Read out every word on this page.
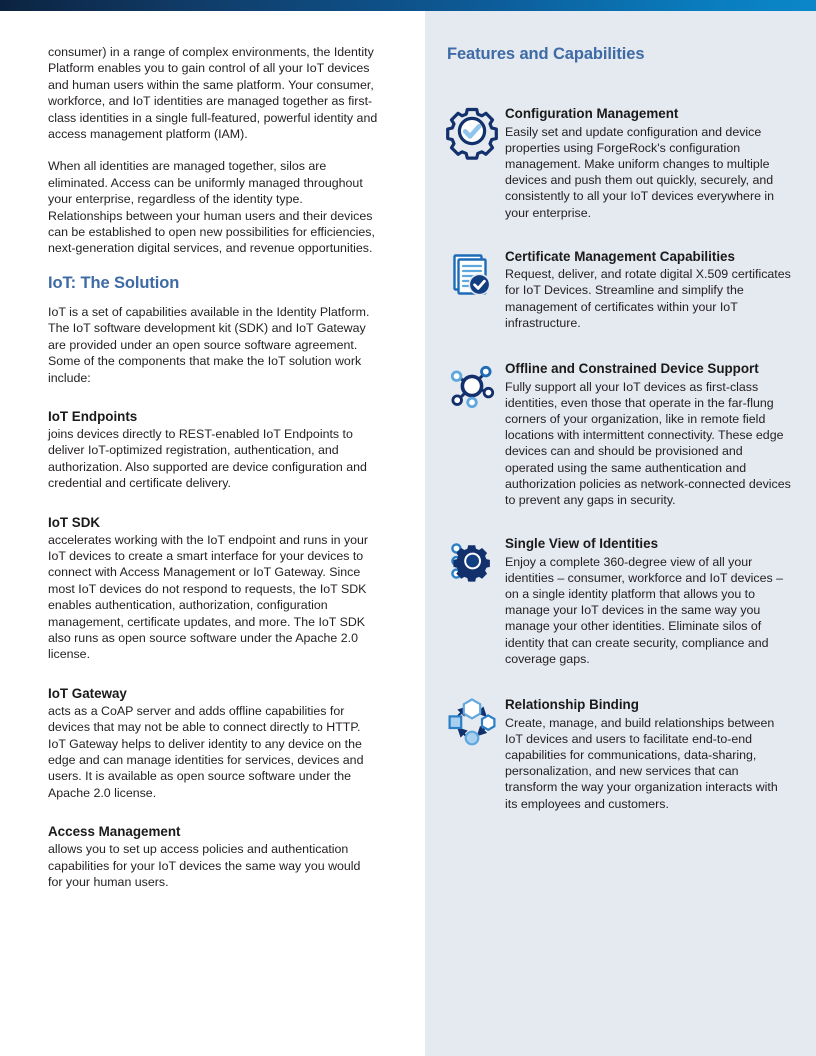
consumer) in a range of complex environments, the Identity Platform enables you to gain control of all your IoT devices and human users within the same platform. Your consumer, workforce, and IoT identities are managed together as first-class identities in a single full-featured, powerful identity and access management platform (IAM).

When all identities are managed together, silos are eliminated. Access can be uniformly managed throughout your enterprise, regardless of the identity type. Relationships between your human users and their devices can be established to open new possibilities for efficiencies, next-generation digital services, and revenue opportunities.

IoT: The Solution

IoT is a set of capabilities available in the Identity Platform. The IoT software development kit (SDK) and IoT Gateway are provided under an open source software agreement. Some of the components that make the IoT solution work include:

IoT Endpoints

joins devices directly to REST-enabled IoT Endpoints to deliver IoT-optimized registration, authentication, and authorization. Also supported are device configuration and credential and certificate delivery.

IoT SDK

accelerates working with the IoT endpoint and runs in your IoT devices to create a smart interface for your devices to connect with Access Management or IoT Gateway. Since most IoT devices do not respond to requests, the IoT SDK enables authentication, authorization, configuration management, certificate updates, and more. The IoT SDK also runs as open source software under the Apache 2.0 license.

IoT Gateway

acts as a CoAP server and adds offline capabilities for devices that may not be able to connect directly to HTTP. IoT Gateway helps to deliver identity to any device on the edge and can manage identities for services, devices and users. It is available as open source software under the Apache 2.0 license.

Access Management

allows you to set up access policies and authentication capabilities for your IoT devices the same way you would for your human users.

Features and Capabilities
Configuration Management

Easily set and update configuration and device properties using ForgeRock's configuration management. Make uniform changes to multiple devices and push them out quickly, securely, and consistently to all your IoT devices everywhere in your enterprise.

Certificate Management Capabilities

Request, deliver, and rotate digital X.509 certificates for IoT Devices. Streamline and simplify the management of certificates within your IoT infrastructure.

Offline and Constrained Device Support

Fully support all your IoT devices as first-class identities, even those that operate in the far-flung corners of your organization, like in remote field locations with intermittent connectivity. These edge devices can and should be provisioned and operated using the same authentication and authorization policies as network-connected devices to prevent any gaps in security.

Single View of Identities

Enjoy a complete 360-degree view of all your identities – consumer, workforce and IoT devices – on a single identity platform that allows you to manage your IoT devices in the same way you manage your other identities. Eliminate silos of identity that can create security, compliance and coverage gaps.

Relationship Binding

Create, manage, and build relationships between IoT devices and users to facilitate end-to-end capabilities for communications, data-sharing, personalization, and new services that can transform the way your organization interacts with its employees and customers.
